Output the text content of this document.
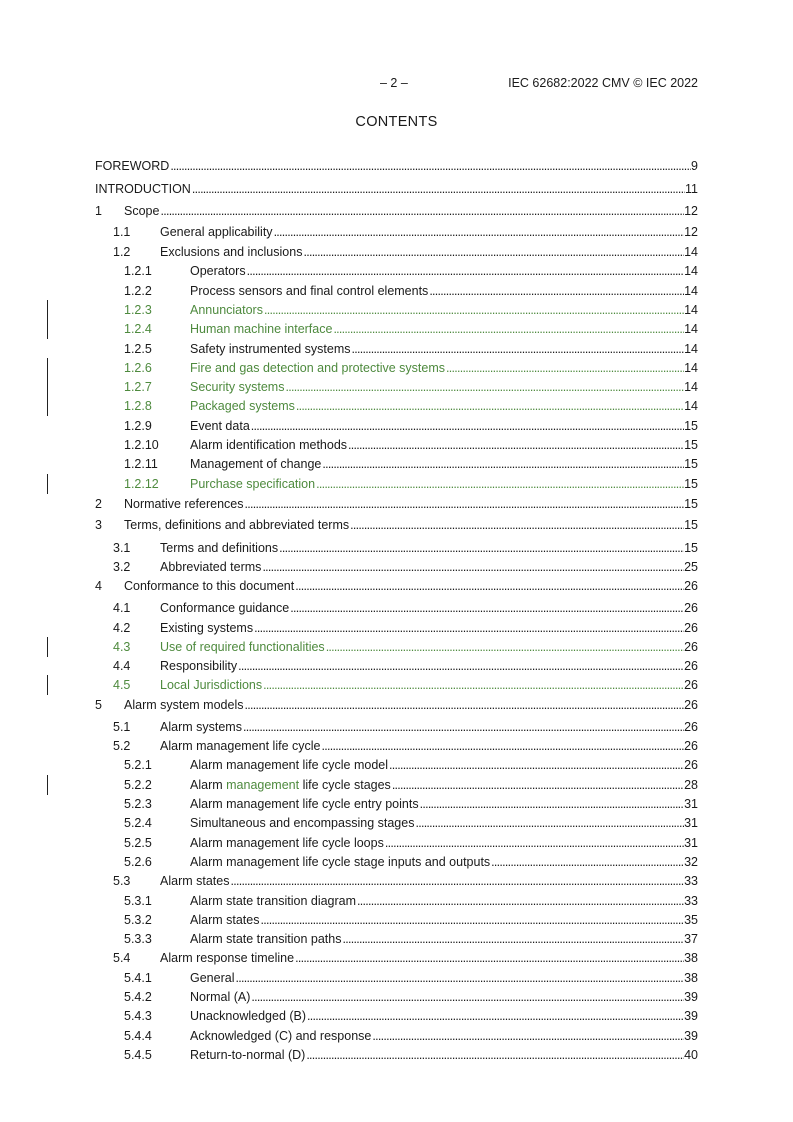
– 2 –	IEC 62682:2022 CMV © IEC 2022
CONTENTS
FOREWORD . . .	9
INTRODUCTION . . .	11
1 Scope . . .	12
1.1 General applicability . . .	12
1.2 Exclusions and inclusions . . .	14
1.2.1	Operators . . .	14
1.2.2	Process sensors and final control elements . . .	14
1.2.3	Annunciators . . .	14
1.2.4	Human machine interface . . .	14
1.2.5	Safety instrumented systems . . .	14
1.2.6	Fire and gas detection and protective systems . . .	14
1.2.7	Security systems . . .	14
1.2.8	Packaged systems . . .	14
1.2.9	Event data . . .	15
1.2.10 Alarm identification methods . . .	15
1.2.11	Management of change . . .	15
1.2.12 Purchase specification . . .	15
2 Normative references . . .	15
3 Terms, definitions and abbreviated terms . . .	15
3.1 Terms and definitions . . .	15
3.2 Abbreviated terms . . .	25
4 Conformance to this document . . .	26
4.1 Conformance guidance . . .	26
4.2 Existing systems . . .	26
4.3 Use of required functionalities . . .	26
4.4 Responsibility . . .	26
4.5 Local Jurisdictions . . .	26
5 Alarm system models . . .	26
5.1 Alarm systems . . .	26
5.2 Alarm management life cycle . . .	26
5.2.1	Alarm management life cycle model . . .	26
5.2.2	Alarm management life cycle stages . . .	28
5.2.3	Alarm management life cycle entry points . . .	31
5.2.4	Simultaneous and encompassing stages . . .	31
5.2.5	Alarm management life cycle loops . . .	31
5.2.6	Alarm management life cycle stage inputs and outputs . . .	32
5.3 Alarm states . . .	33
5.3.1	Alarm state transition diagram . . .	33
5.3.2	Alarm states . . .	35
5.3.3	Alarm state transition paths . . .	37
5.4 Alarm response timeline . . .	38
5.4.1	General . . .	38
5.4.2	Normal (A) . . .	39
5.4.3	Unacknowledged (B) . . .	39
5.4.4	Acknowledged (C) and response . . .	39
5.4.5	Return-to-normal (D) . . .	40
